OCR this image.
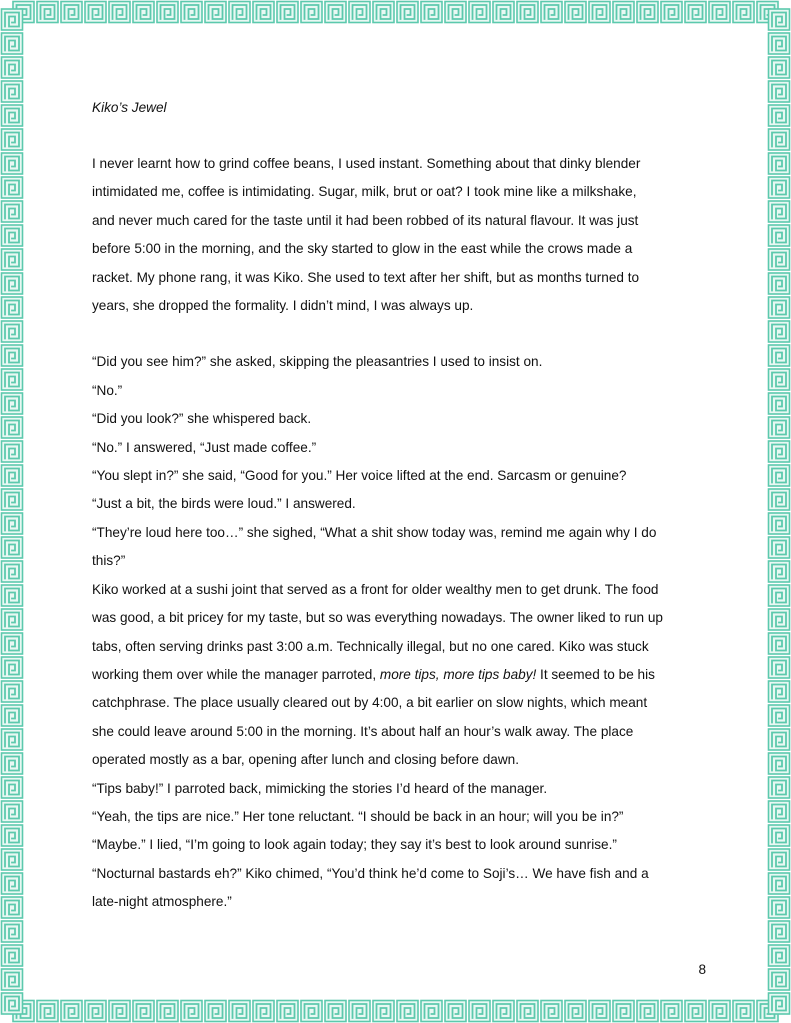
Kiko’s Jewel

I never learnt how to grind coffee beans, I used instant. Something about that dinky blender
intimidated me, coffee is intimidating. Sugar, milk, brut or oat? I took mine like a milkshake,
and never much cared for the taste until it had been robbed of its natural flavour. It was just
before 5:00 in the morning, and the sky started to glow in the east while the crows made a
racket. My phone rang, it was Kiko. She used to text after her shift, but as months turned to
years, she dropped the formality. I didn’t mind, I was always up.

“Did you see him?” she asked, skipping the pleasantries I used to insist on.
“No.”
“Did you look?” she whispered back.
“No.” I answered, “Just made coffee.”
“You slept in?” she said, “Good for you.” Her voice lifted at the end. Sarcasm or genuine?
“Just a bit, the birds were loud.” I answered.
“They’re loud here too…” she sighed, “What a shit show today was, remind me again why I do
this?”

Kiko worked at a sushi joint that served as a front for older wealthy men to get drunk. The food
was good, a bit pricey for my taste, but so was everything nowadays. The owner liked to run up
tabs, often serving drinks past 3:00 a.m. Technically illegal, but no one cared. Kiko was stuck
working them over while the manager parroted, more tips, more tips baby! It seemed to be his
catchphrase. The place usually cleared out by 4:00, a bit earlier on slow nights, which meant
she could leave around 5:00 in the morning. It’s about half an hour’s walk away. The place
operated mostly as a bar, opening after lunch and closing before dawn.

“Tips baby!” I parroted back, mimicking the stories I’d heard of the manager.
“Yeah, the tips are nice.” Her tone reluctant. “I should be back in an hour; will you be in?”
“Maybe.” I lied, “I’m going to look again today; they say it’s best to look around sunrise.”
“Nocturnal bastards eh?” Kiko chimed, “You’d think he’d come to Soji’s… We have fish and a
late-night atmosphere.”

8
